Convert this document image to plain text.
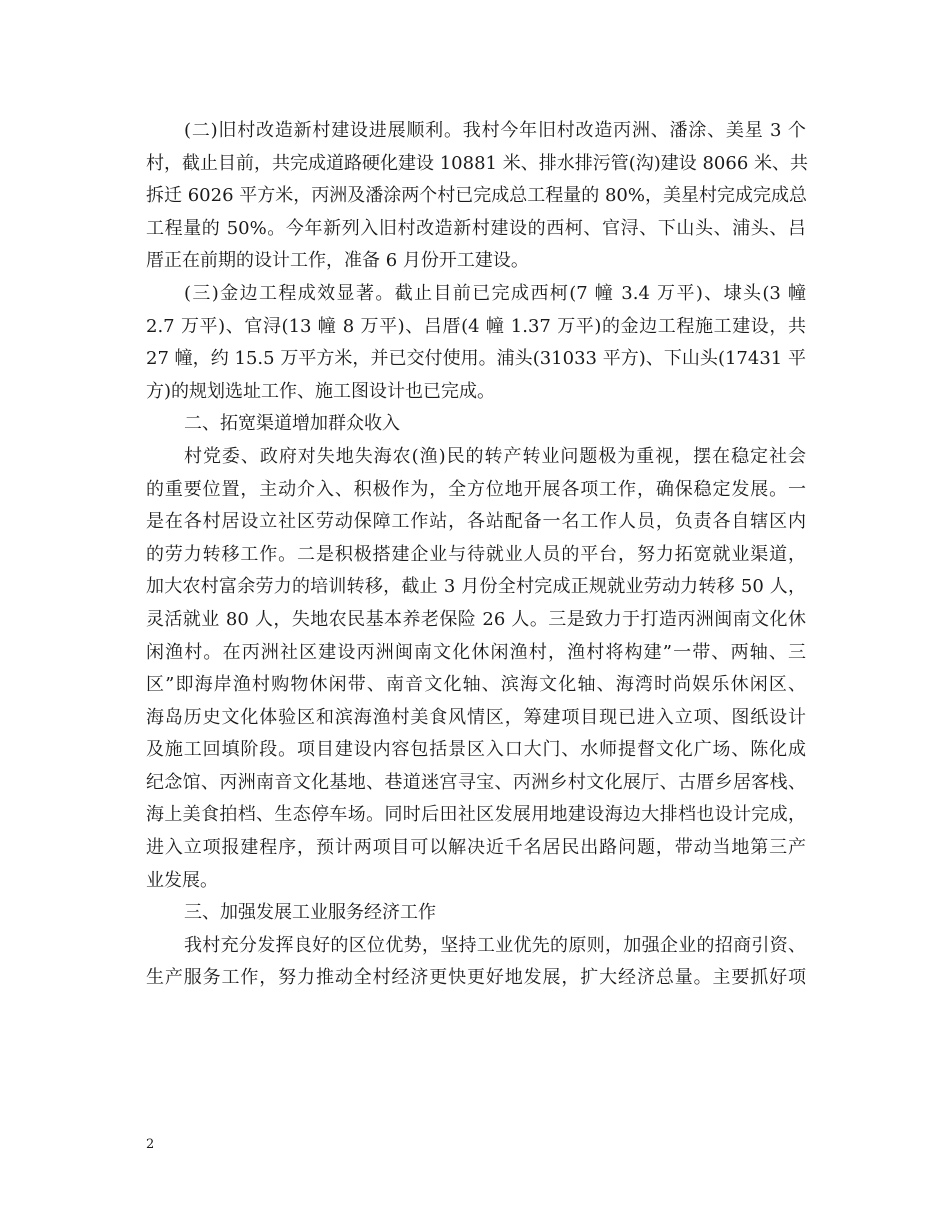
(二)旧村改造新村建设进展顺利。我村今年旧村改造丙洲、潘涂、美星 3 个
村，截止目前，共完成道路硬化建设 10881 米、排水排污管(沟)建设 8066 米、共
拆迁 6026 平方米，丙洲及潘涂两个村已完成总工程量的 80%，美星村完成完成总
工程量的 50%。今年新列入旧村改造新村建设的西柯、官浔、下山头、浦头、吕
厝正在前期的设计工作，准备 6 月份开工建设。
(三)金边工程成效显著。截止目前已完成西柯(7 幢 3.4 万平)、埭头(3 幢
2.7 万平)、官浔(13 幢 8 万平)、吕厝(4 幢 1.37 万平)的金边工程施工建设，共
27 幢，约 15.5 万平方米，并已交付使用。浦头(31033 平方)、下山头(17431 平
方)的规划选址工作、施工图设计也已完成。
二、拓宽渠道增加群众收入
村党委、政府对失地失海农(渔)民的转产转业问题极为重视，摆在稳定社会
的重要位置，主动介入、积极作为，全方位地开展各项工作，确保稳定发展。一
是在各村居设立社区劳动保障工作站，各站配备一名工作人员，负责各自辖区内
的劳力转移工作。二是积极搭建企业与待就业人员的平台，努力拓宽就业渠道，
加大农村富余劳力的培训转移，截止 3 月份全村完成正规就业劳动力转移 50 人，
灵活就业 80 人，失地农民基本养老保险 26 人。三是致力于打造丙洲闽南文化休
闲渔村。在丙洲社区建设丙洲闽南文化休闲渔村，渔村将构建”一带、两轴、三
区”即海岸渔村购物休闲带、南音文化轴、滨海文化轴、海湾时尚娱乐休闲区、
海岛历史文化体验区和滨海渔村美食风情区，筹建项目现已进入立项、图纸设计
及施工回填阶段。项目建设内容包括景区入口大门、水师提督文化广场、陈化成
纪念馆、丙洲南音文化基地、巷道迷宫寻宝、丙洲乡村文化展厅、古厝乡居客栈、
海上美食拍档、生态停车场。同时后田社区发展用地建设海边大排档也设计完成，
进入立项报建程序，预计两项目可以解决近千名居民出路问题，带动当地第三产
业发展。
三、加强发展工业服务经济工作
我村充分发挥良好的区位优势，坚持工业优先的原则，加强企业的招商引资、
生产服务工作，努力推动全村经济更快更好地发展，扩大经济总量。主要抓好项
2
